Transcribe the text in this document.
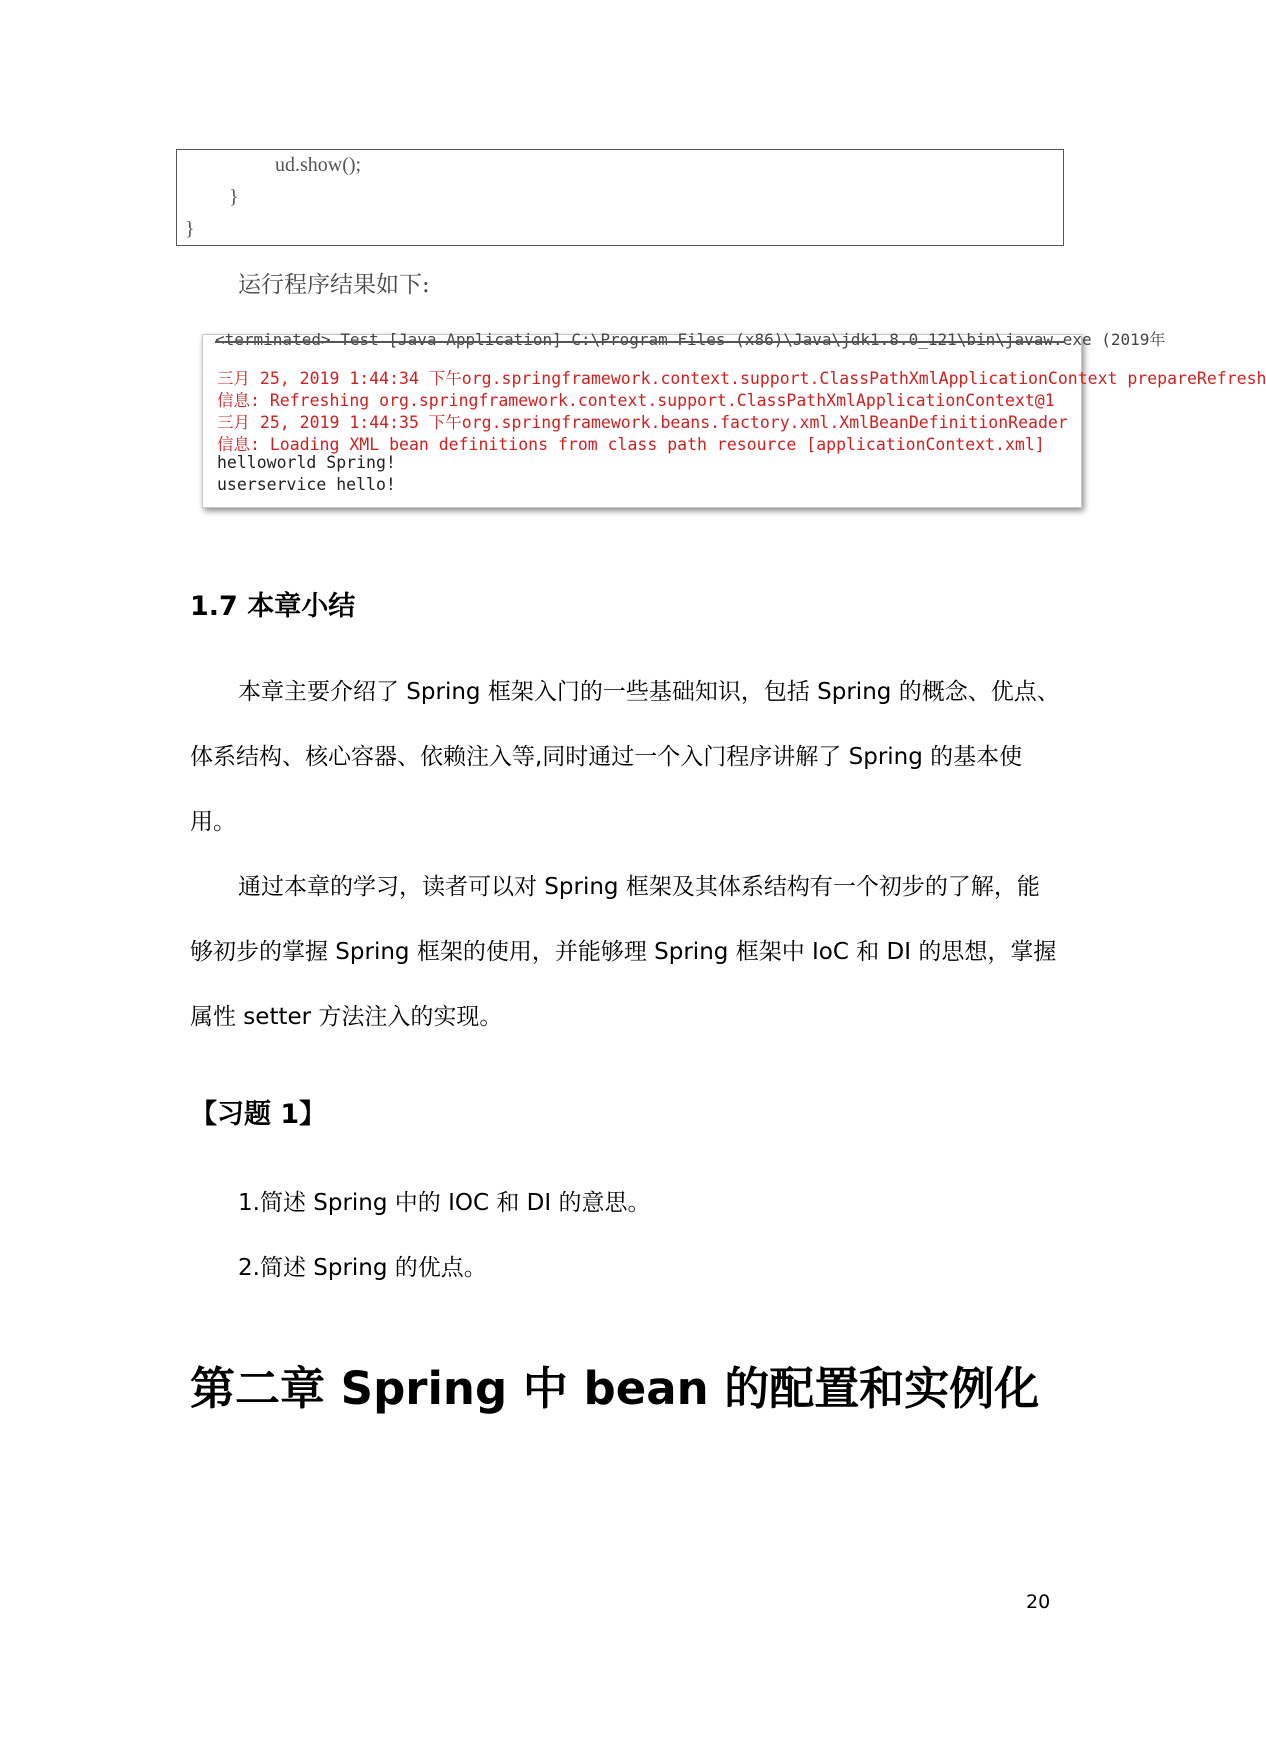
ud.show();
}
}
运行程序结果如下:
<terminated> Test [Java Application] C:\Program Files (x86)\Java\jdk1.8.0_121\bin\javaw.exe (2019年
三月 25, 2019 1:44:34 下午org.springframework.context.support.ClassPathXmlApplicationContext prepareRefresh
信息: Refreshing org.springframework.context.support.ClassPathXmlApplicationContext@1
三月 25, 2019 1:44:35 下午org.springframework.beans.factory.xml.XmlBeanDefinitionReader
信息: Loading XML bean definitions from class path resource [applicationContext.xml]
helloworld Spring!
userservice hello!
1.7 本章小结
本章主要介绍了 Spring 框架入门的一些基础知识，包括 Spring 的概念、优点、体系结构、核心容器、依赖注入等,同时通过一个入门程序讲解了 Spring 的基本使用。
通过本章的学习，读者可以对 Spring 框架及其体系结构有一个初步的了解，能够初步的掌握 Spring 框架的使用，并能够理 Spring 框架中 IoC 和 DI 的思想，掌握属性 setter 方法注入的实现。
【习题 1】
1.简述 Spring 中的 IOC 和 DI 的意思。
2.简述 Spring 的优点。
第二章 Spring 中 bean 的配置和实例化
20
